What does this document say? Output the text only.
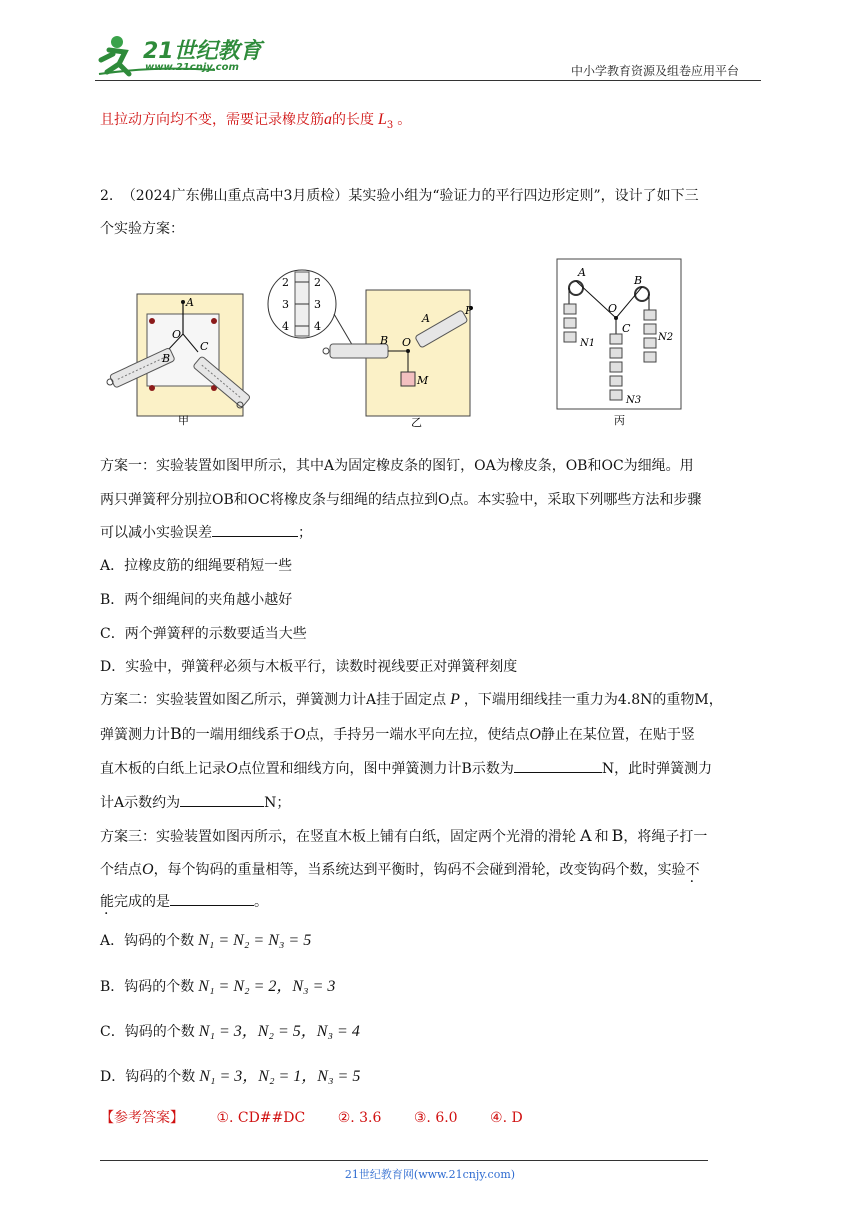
21世纪教育
www.21cnjy.com	中小学教育资源及组卷应用平台
且拉动方向均不变，需要记录橡皮筋a的长度 $L_3$ 。
2. （2024广东佛山重点高中3月质检）某实验小组为“验证力的平行四边形定则”，设计了如下三
个实验方案：
A
O
B
C
甲
2
3
4
2
3
4
B O
A
P
M
乙
A
B
O
C
N1
N2
N3
丙
方案一：实验装置如图甲所示，其中A为固定橡皮条的图钉，OA为橡皮条，OB和OC为细绳。用
两只弹簧秤分别拉OB和OC将橡皮条与细绳的结点拉到O点。本实验中，采取下列哪些方法和步骤
可以减小实验误差	；
A．拉橡皮筋的细绳要稍短一些
B．两个细绳间的夹角越小越好
C．两个弹簧秤的示数要适当大些
D．实验中，弹簧秤必须与木板平行，读数时视线要正对弹簧秤刻度
方案二：实验装置如图乙所示，弹簧测力计A挂于固定点 P ，下端用细线挂一重力为4.8N的重物M，
弹簧测力计B的一端用细线系于O点，手持另一端水平向左拉，使结点O静止在某位置，在贴于竖
直木板的白纸上记录O点位置和细线方向，图中弹簧测力计B示数为	N，此时弹簧测力
计A示数约为	N；
方案三：实验装置如图丙所示，在竖直木板上铺有白纸，固定两个光滑的滑轮 A 和 B，将绳子打一
个结点O，每个钩码的重量相等，当系统达到平衡时，钩码不会碰到滑轮，改变钩码个数，实验不
能完成的是	。
A．钩码的个数 N₁ = N₂ = N₃ = 5
B．钩码的个数 N₁ = N₂ = 2，N₃ = 3
C．钩码的个数 N₁ = 3，N₂ = 5，N₃ = 4
D．钩码的个数 N₁ = 3，N₂ = 1，N₃ = 5
【参考答案】 ①. CD##DC ②. 3.6 ③. 6.0 ④. D
21世纪教育网(www.21cnjy.com)
